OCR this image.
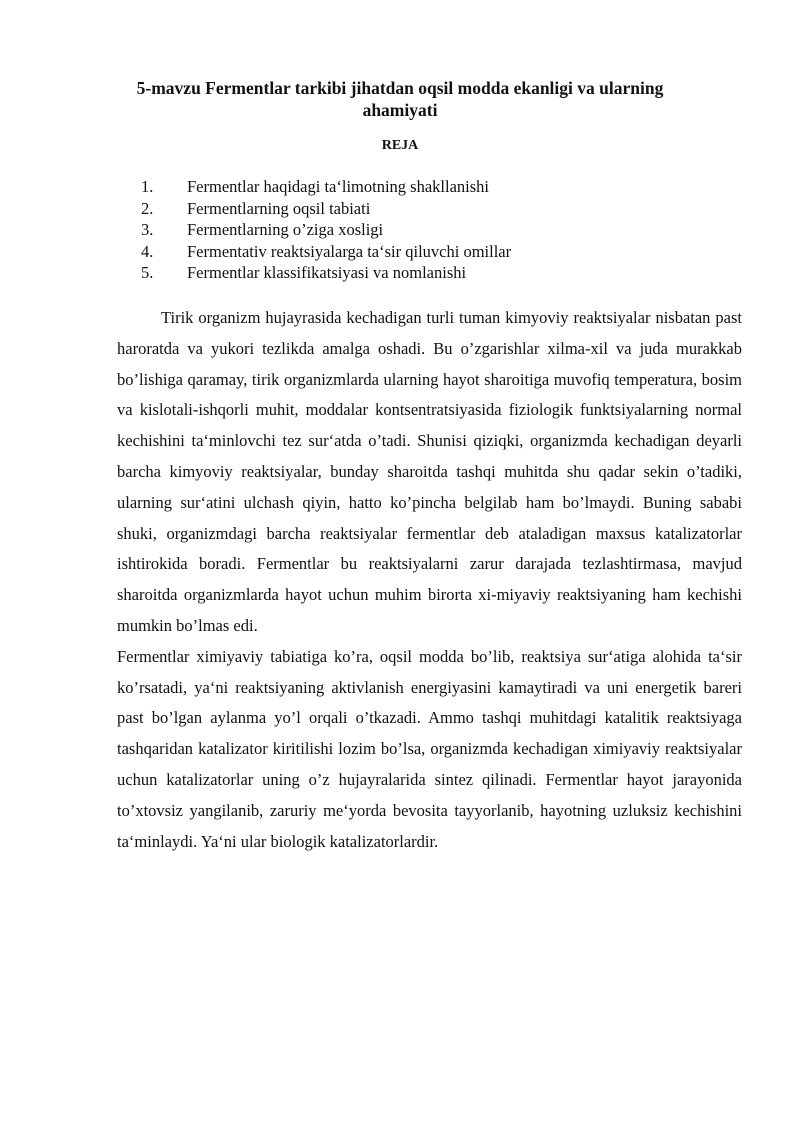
5-mavzu Fermentlar tarkibi jihatdan oqsil modda ekanligi va ularning ahamiyati
REJA
1.	Fermentlar haqidagi ta‘limotning shakllanishi
2.	Fermentlarning oqsil tabiati
3.	Fermentlarning o’ziga xosligi
4.	Fermentativ reaktsiyalarga ta‘sir qiluvchi omillar
5.	Fermentlar klassifikatsiyasi va nomlanishi

Tirik organizm hujayrasida kechadigan turli tuman kimyoviy reaktsiyalar nisbatan past haroratda va yukori tezlikda amalga oshadi. Bu o’zgarishlar xilma-xil va juda murakkab bo’lishiga qaramay, tirik organizmlarda ularning hayot sharoitiga muvofiq temperatura, bosim va kislotali-ishqorli muhit, moddalar kontsentratsiyasida fiziologik funktsiyalarning normal kechishini ta‘minlovchi tez sur‘atda o’tadi. Shunisi qiziqki, organizmda kechadigan deyarli barcha kimyoviy reaktsiyalar, bunday sharoitda tashqi muhitda shu qadar sekin o’tadiki, ularning sur‘atini ulchash qiyin, hatto ko’pincha belgilab ham bo’lmaydi. Buning sababi shuki, organizmdagi barcha reaktsiyalar fermentlar deb ataladigan maxsus katalizatorlar ishtirokida boradi. Fermentlar bu reaktsiyalarni zarur darajada tezlashtirmasa, mavjud sharoitda organizmlarda hayot uchun muhim birorta xi-miyaviy reaktsiyaning ham kechishi mumkin bo’lmas edi.

Fermentlar ximiyaviy tabiatiga ko’ra, oqsil modda bo’lib, reaktsiya sur‘atiga alohida ta‘sir ko’rsatadi, ya‘ni reaktsiyaning aktivlanish energiyasini kamaytiradi va uni energetik bareri past bo’lgan aylanma yo’l orqali o’tkazadi. Ammo tashqi muhitdagi katalitik reaktsiyaga tashqaridan katalizator kiritilishi lozim bo’lsa, organizmda kechadigan ximiyaviy reaktsiyalar uchun katalizatorlar uning o’z hujayralarida sintez qilinadi. Fermentlar hayot jarayonida to’xtovsiz yangilanib, zaruriy me‘yorda bevosita tayyorlanib, hayotning uzluksiz kechishini ta‘minlaydi. Ya‘ni ular biologik katalizatorlardir.
